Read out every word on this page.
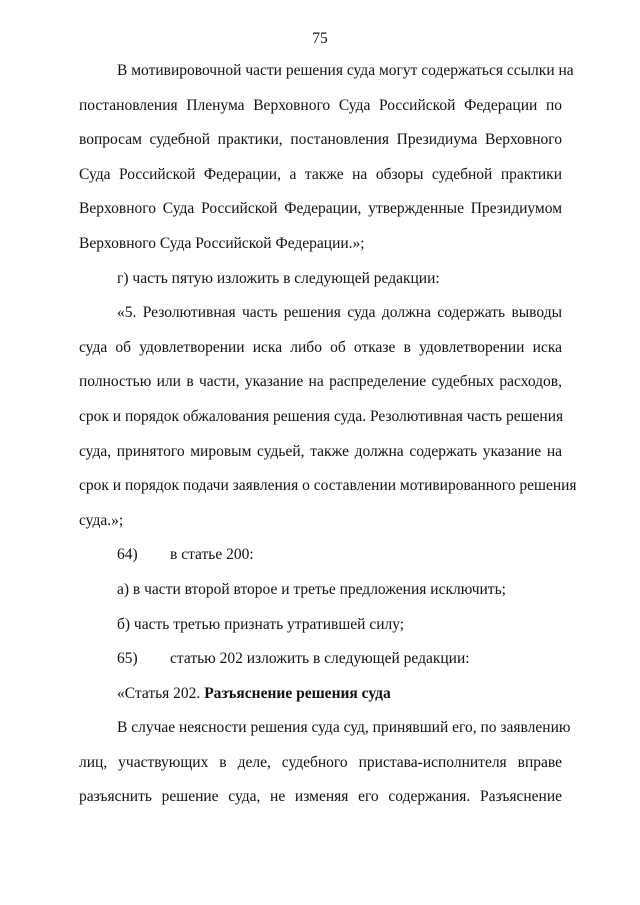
75
В мотивировочной части решения суда могут содержаться ссылки на
постановления Пленума Верховного Суда Российской Федерации по
вопросам судебной практики, постановления Президиума Верховного
Суда Российской Федерации, а также на обзоры судебной практики
Верховного Суда Российской Федерации, утвержденные Президиумом
Верховного Суда Российской Федерации.»;
г) часть пятую изложить в следующей редакции:
«5. Резолютивная часть решения суда должна содержать выводы
суда об удовлетворении иска либо об отказе в удовлетворении иска
полностью или в части, указание на распределение судебных расходов,
срок и порядок обжалования решения суда. Резолютивная часть решения
суда, принятого мировым судьей, также должна содержать указание на
срок и порядок подачи заявления о составлении мотивированного решения
суда.»;
64) в статье 200:
а) в части второй второе и третье предложения исключить;
б) часть третью признать утратившей силу;
65) статью 202 изложить в следующей редакции:
«Статья 202. Разъяснение решения суда
В случае неясности решения суда суд, принявший его, по заявлению
лиц, участвующих в деле, судебного пристава-исполнителя вправе
разъяснить решение суда, не изменяя его содержания. Разъяснение
